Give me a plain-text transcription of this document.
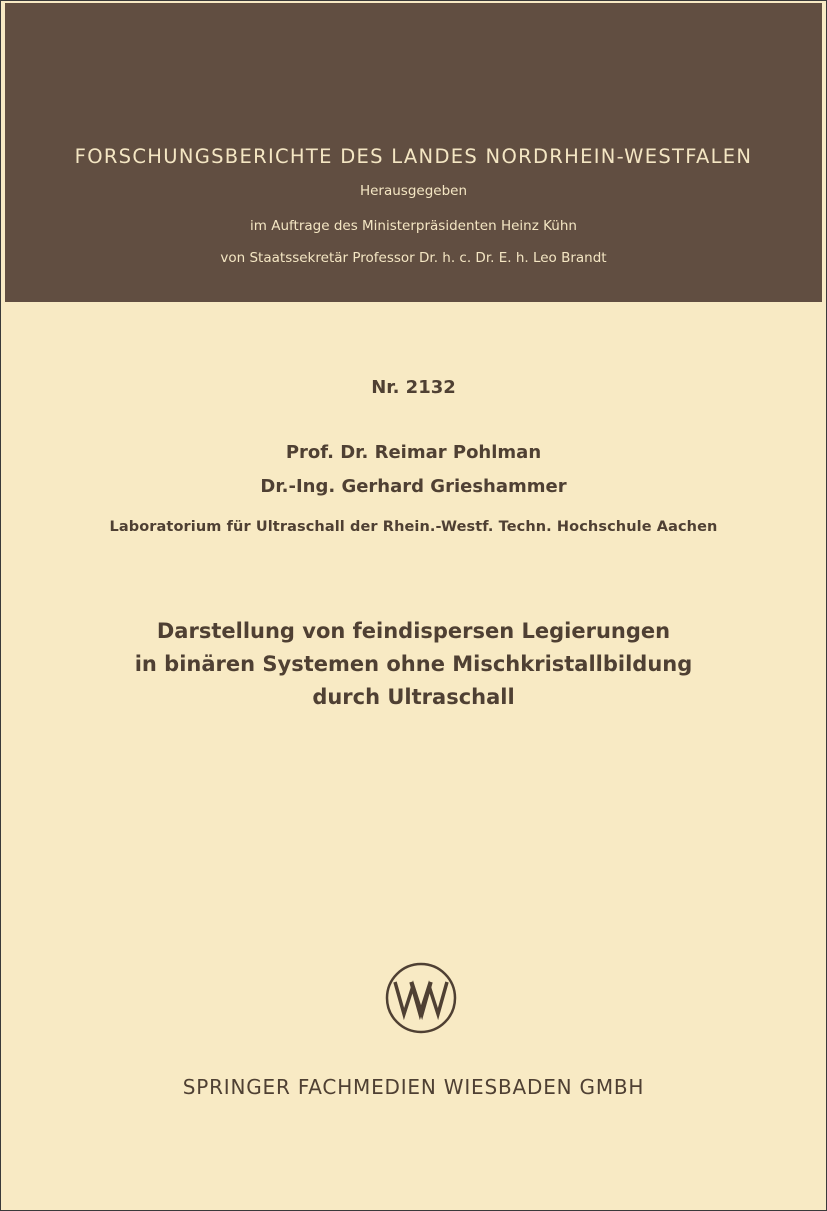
FORSCHUNGSBERICHTE DES LANDES NORDRHEIN-WESTFALEN
Herausgegeben
im Auftrage des Ministerpräsidenten Heinz Kühn
von Staatssekretär Professor Dr. h. c. Dr. E. h. Leo Brandt
Nr. 2132
Prof. Dr. Reimar Pohlman
Dr.-Ing. Gerhard Grieshammer
Laboratorium für Ultraschall der Rhein.-Westf. Techn. Hochschule Aachen
Darstellung von feindispersen Legierungen
in binären Systemen ohne Mischkristallbildung
durch Ultraschall
SPRINGER FACHMEDIEN WIESBADEN GMBH
